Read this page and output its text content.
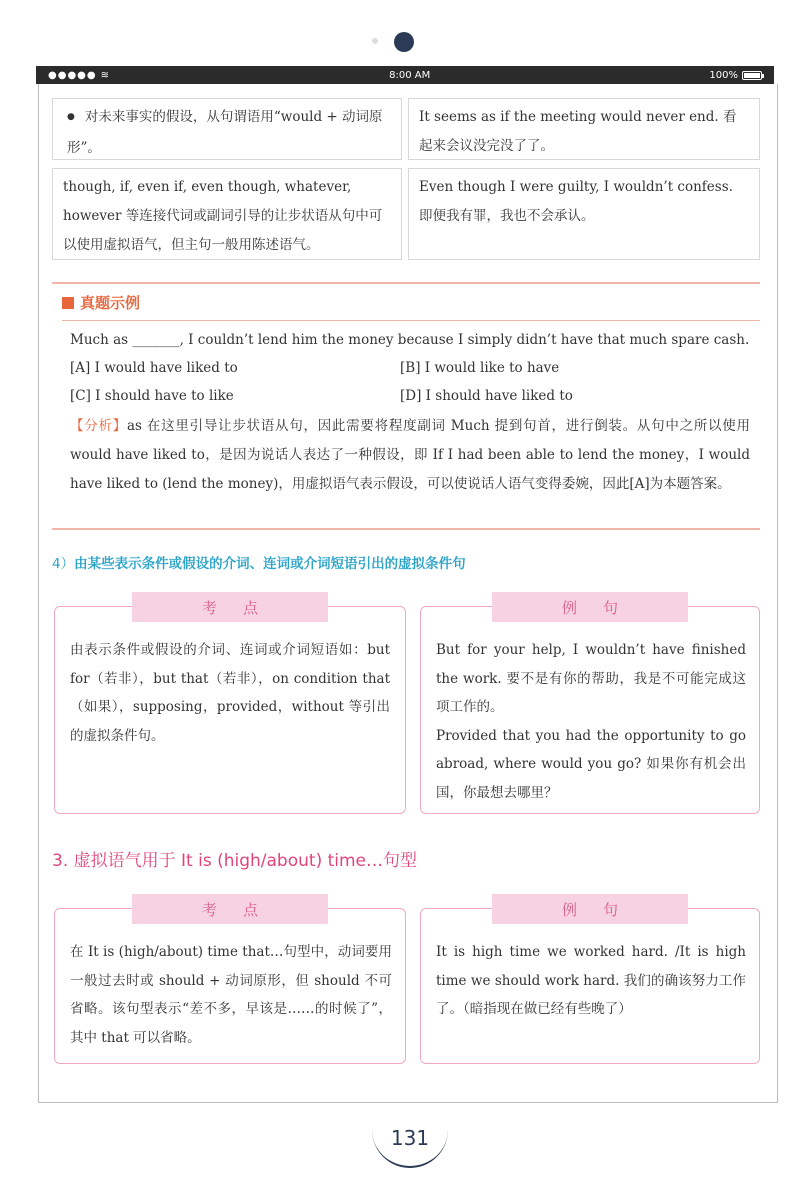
●●●●● ≋	8:00 AM	100%
● 对未来事实的假设，从句谓语用“would + 动词原形”。
It seems as if the meeting would never end. 看起来会议没完没了了。
though, if, even if, even though, whatever, however 等连接代词或副词引导的让步状语从句中可以使用虚拟语气，但主句一般用陈述语气。
Even though I were guilty, I wouldn’t confess. 即便我有罪，我也不会承认。
真题示例
Much as _______, I couldn’t lend him the money because I simply didn’t have that much spare cash.
[A] I would have liked to	[B] I would like to have
[C] I should have to like	[D] I should have liked to
【分析】as 在这里引导让步状语从句，因此需要将程度副词 Much 提到句首，进行倒装。从句中之所以使用 would have liked to，是因为说话人表达了一种假设，即 If I had been able to lend the money，I would have liked to (lend the money)，用虚拟语气表示假设，可以使说话人语气变得委婉，因此[A]为本题答案。
4）由某些表示条件或假设的介词、连词或介词短语引出的虚拟条件句
考点
由表示条件或假设的介词、连词或介词短语如：but for（若非），but that（若非），on condition that（如果），supposing，provided，without 等引出的虚拟条件句。
例句
But for your help, I wouldn’t have finished the work. 要不是有你的帮助，我是不可能完成这项工作的。
Provided that you had the opportunity to go abroad, where would you go? 如果你有机会出国，你最想去哪里？
3. 虚拟语气用于 It is (high/about) time…句型
考点
在 It is (high/about) time that…句型中，动词要用一般过去时或 should + 动词原形，但 should 不可省略。该句型表示“差不多，早该是……的时候了”，其中 that 可以省略。
例句
It is high time we worked hard. /It is high time we should work hard. 我们的确该努力工作了。（暗指现在做已经有些晚了）
131
